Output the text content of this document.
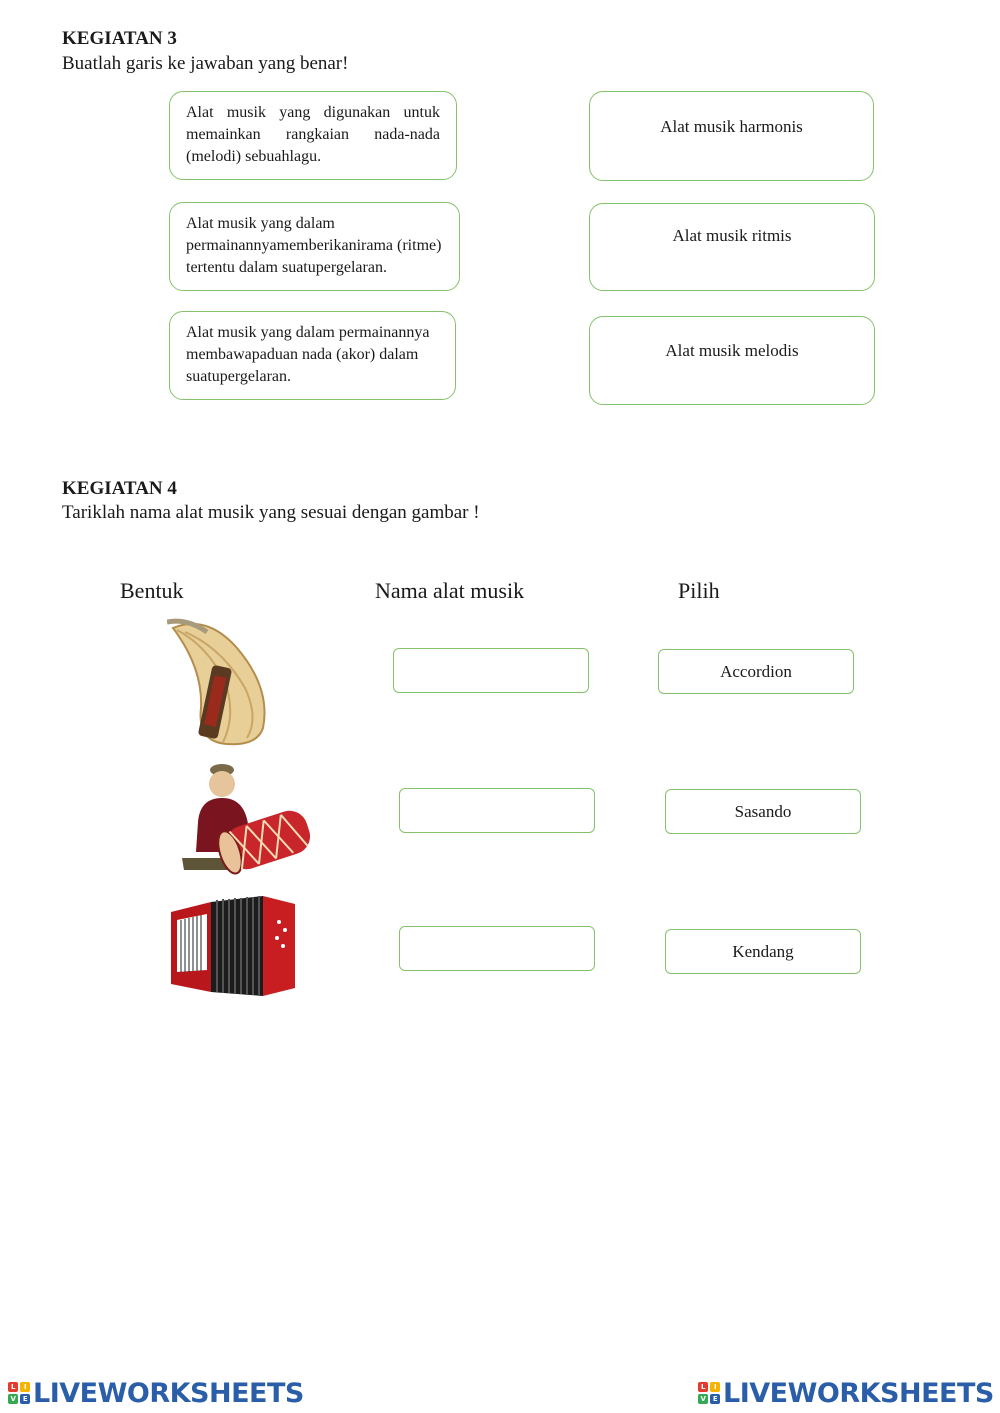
KEGIATAN 3
Buatlah garis ke jawaban yang benar!
Alat musik yang digunakan untuk memainkan rangkaian nada-nada (melodi) sebuahlagu.
Alat musik yang dalam permainannyamemberikanirama (ritme) tertentu dalam suatupergelaran.
Alat musik yang dalam permainannya membawapaduan nada (akor) dalam suatupergelaran.
Alat musik harmonis
Alat musik ritmis
Alat musik melodis
KEGIATAN 4
Tariklah nama alat musik yang sesuai dengan gambar !
Bentuk	Nama alat musik	Pilih
Accordion
Sasando
Kendang
L	I
V	E LIVEWORKSHEETS	L	I
V	E LIVEWORKSHEETS
